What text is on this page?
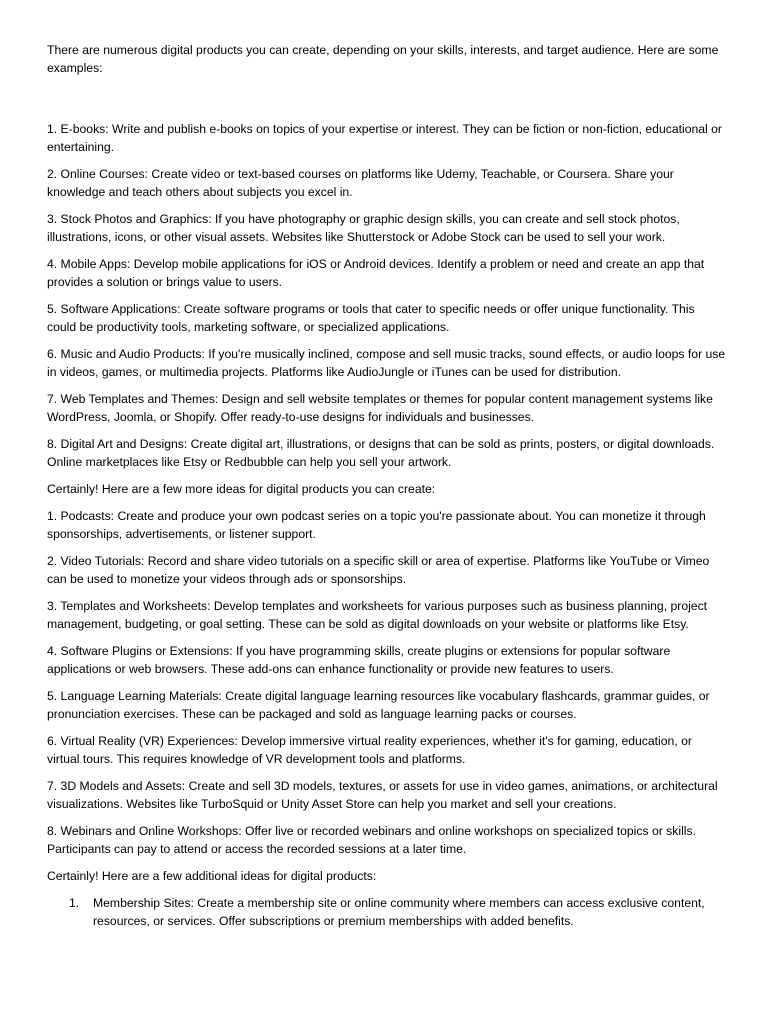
There are numerous digital products you can create, depending on your skills, interests, and target audience. Here are some examples:

1. E-books: Write and publish e-books on topics of your expertise or interest. They can be fiction or non-fiction, educational or entertaining.

2. Online Courses: Create video or text-based courses on platforms like Udemy, Teachable, or Coursera. Share your knowledge and teach others about subjects you excel in.

3. Stock Photos and Graphics: If you have photography or graphic design skills, you can create and sell stock photos, illustrations, icons, or other visual assets. Websites like Shutterstock or Adobe Stock can be used to sell your work.

4. Mobile Apps: Develop mobile applications for iOS or Android devices. Identify a problem or need and create an app that provides a solution or brings value to users.

5. Software Applications: Create software programs or tools that cater to specific needs or offer unique functionality. This could be productivity tools, marketing software, or specialized applications.

6. Music and Audio Products: If you're musically inclined, compose and sell music tracks, sound effects, or audio loops for use in videos, games, or multimedia projects. Platforms like AudioJungle or iTunes can be used for distribution.

7. Web Templates and Themes: Design and sell website templates or themes for popular content management systems like WordPress, Joomla, or Shopify. Offer ready-to-use designs for individuals and businesses.

8. Digital Art and Designs: Create digital art, illustrations, or designs that can be sold as prints, posters, or digital downloads. Online marketplaces like Etsy or Redbubble can help you sell your artwork.

Certainly! Here are a few more ideas for digital products you can create:

1. Podcasts: Create and produce your own podcast series on a topic you're passionate about. You can monetize it through sponsorships, advertisements, or listener support.

2. Video Tutorials: Record and share video tutorials on a specific skill or area of expertise. Platforms like YouTube or Vimeo can be used to monetize your videos through ads or sponsorships.

3. Templates and Worksheets: Develop templates and worksheets for various purposes such as business planning, project management, budgeting, or goal setting. These can be sold as digital downloads on your website or platforms like Etsy.

4. Software Plugins or Extensions: If you have programming skills, create plugins or extensions for popular software applications or web browsers. These add-ons can enhance functionality or provide new features to users.

5. Language Learning Materials: Create digital language learning resources like vocabulary flashcards, grammar guides, or pronunciation exercises. These can be packaged and sold as language learning packs or courses.

6. Virtual Reality (VR) Experiences: Develop immersive virtual reality experiences, whether it's for gaming, education, or virtual tours. This requires knowledge of VR development tools and platforms.

7. 3D Models and Assets: Create and sell 3D models, textures, or assets for use in video games, animations, or architectural visualizations. Websites like TurboSquid or Unity Asset Store can help you market and sell your creations.

8. Webinars and Online Workshops: Offer live or recorded webinars and online workshops on specialized topics or skills. Participants can pay to attend or access the recorded sessions at a later time.

Certainly! Here are a few additional ideas for digital products:

1. Membership Sites: Create a membership site or online community where members can access exclusive content, resources, or services. Offer subscriptions or premium memberships with added benefits.
